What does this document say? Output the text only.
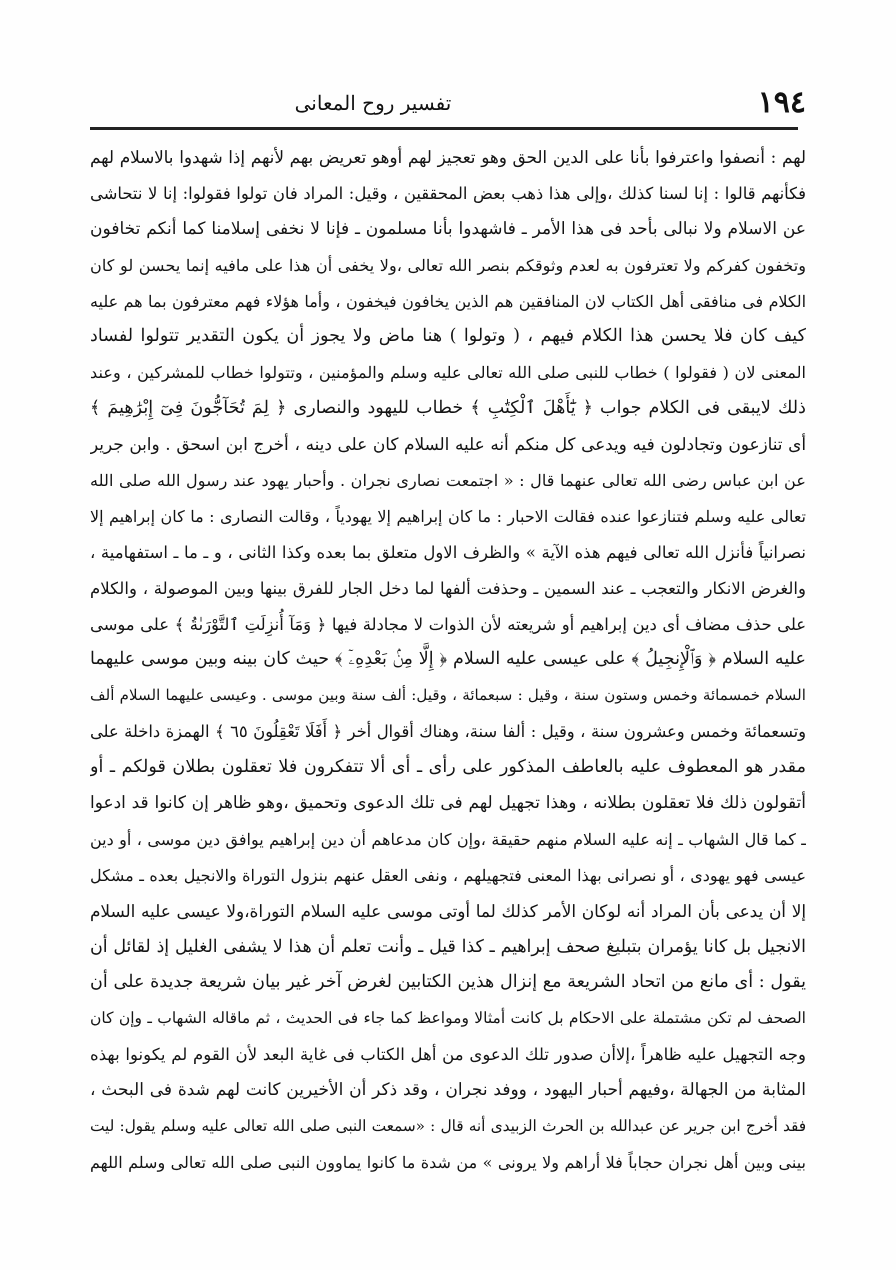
١٩٤
تفسير روح المعانى
لهم : أنصفوا واعترفوا بأنا على الدين الحق وهو تعجيز لهم أوهو تعريض بهم لأنهم إذا شهدوا بالاسلام لهم
فكأنهم قالوا : إنا لسنا كذلك ،وإلى هذا ذهب بعض المحققين ، وقيل: المراد فان تولوا فقولوا: إنا لا نتحاشى
عن الاسلام ولا نبالى بأحد فى هذا الأمر ـ فاشهدوا بأنا مسلمون ـ فإنا لا نخفى إسلامنا كما أنكم تخافون
وتخفون كفركم ولا تعترفون به لعدم وثوقكم بنصر الله تعالى ،ولا يخفى أن هذا على مافيه إنما يحسن لو كان
الكلام فى منافقى أهل الكتاب لان المنافقين هم الذين يخافون فيخفون ، وأما هؤلاء فهم معترفون بما هم عليه
كيف كان فلا يحسن هذا الكلام فيهم ، ( وتولوا ) هنا ماض ولا يجوز أن يكون التقدير تتولوا لفساد
المعنى لان ( فقولوا ) خطاب للنبى صلى الله تعالى عليه وسلم والمؤمنين ، وتتولوا خطاب للمشركين ، وعند
ذلك لايبقى فى الكلام جواب ﴿ يَٰٓأَهْلَ ٱلْكِتَٰبِ ﴾ خطاب لليهود والنصارى ﴿ لِمَ تُحَآجُّونَ فِىٓ إِبْرَٰهِيمَ ﴾
أى تنازعون وتجادلون فيه ويدعى كل منكم أنه عليه السلام كان على دينه ، أخرج ابن اسحق . وابن جرير
عن ابن عباس رضى الله تعالى عنهما قال : « اجتمعت نصارى نجران . وأحبار يهود عند رسول الله صلى الله
تعالى عليه وسلم فتنازعوا عنده فقالت الاحبار : ما كان إبراهيم إلا يهودياً ، وقالت النصارى : ما كان إبراهيم إلا
نصرانياً فأنزل الله تعالى فيهم هذه الآية » والظرف الاول متعلق بما بعده وكذا الثانى ، و ـ ما ـ استفهامية ،
والغرض الانكار والتعجب ـ عند السمين ـ وحذفت ألفها لما دخل الجار للفرق بينها وبين الموصولة ، والكلام
على حذف مضاف أى دين إبراهيم أو شريعته لأن الذوات لا مجادلة فيها ﴿ وَمَآ أُنزِلَتِ ٱلتَّوْرَىٰةُ ﴾ على موسى
عليه السلام ﴿ وَٱلْإِنجِيلُ ﴾ على عيسى عليه السلام ﴿ إِلَّا مِنۢ بَعْدِهِۦٓ ﴾ حيث كان بينه وبين موسى عليهما
السلام خمسمائة وخمس وستون سنة ، وقيل : سبعمائة ، وقيل: ألف سنة وبين موسى . وعيسى عليهما السلام ألف
وتسعمائة وخمس وعشرون سنة ، وقيل : ألفا سنة، وهناك أقوال أخر ﴿ أَفَلَا تَعْقِلُونَ ٦٥ ﴾ الهمزة داخلة على
مقدر هو المعطوف عليه بالعاطف المذكور على رأى ـ أى ألا تتفكرون فلا تعقلون بطلان قولكم ـ أو
أتقولون ذلك فلا تعقلون بطلانه ، وهذا تجهيل لهم فى تلك الدعوى وتحميق ،وهو ظاهر إن كانوا قد ادعوا
ـ كما قال الشهاب ـ إنه عليه السلام منهم حقيقة ،وإن كان مدعاهم أن دين إبراهيم يوافق دين موسى ، أو دين
عيسى فهو يهودى ، أو نصرانى بهذا المعنى فتجهيلهم ، ونفى العقل عنهم بنزول التوراة والانجيل بعده ـ مشكل
إلا أن يدعى بأن المراد أنه لوكان الأمر كذلك لما أوتى موسى عليه السلام التوراة،ولا عيسى عليه السلام
الانجيل بل كانا يؤمران بتبليغ صحف إبراهيم ـ كذا قيل ـ وأنت تعلم أن هذا لا يشفى الغليل إذ لقائل أن
يقول : أى مانع من اتحاد الشريعة مع إنزال هذين الكتابين لغرض آخر غير بيان شريعة جديدة على أن
الصحف لم تكن مشتملة على الاحكام بل كانت أمثالا ومواعظ كما جاء فى الحديث ، ثم ماقاله الشهاب ـ وإن كان
وجه التجهيل عليه ظاهراً ،إلاأن صدور تلك الدعوى من أهل الكتاب فى غاية البعد لأن القوم لم يكونوا بهذه
المثابة من الجهالة ،وفيهم أحبار اليهود ، ووفد نجران ، وقد ذكر أن الأخيرين كانت لهم شدة فى البحث ،
فقد أخرج ابن جرير عن عبدالله بن الحرث الزبيدى أنه قال : «سمعت النبى صلى الله تعالى عليه وسلم يقول: ليت
بينى وبين أهل نجران حجاباً فلا أراهم ولا يرونى » من شدة ما كانوا يماوون النبى صلى الله تعالى وسلم اللهم
